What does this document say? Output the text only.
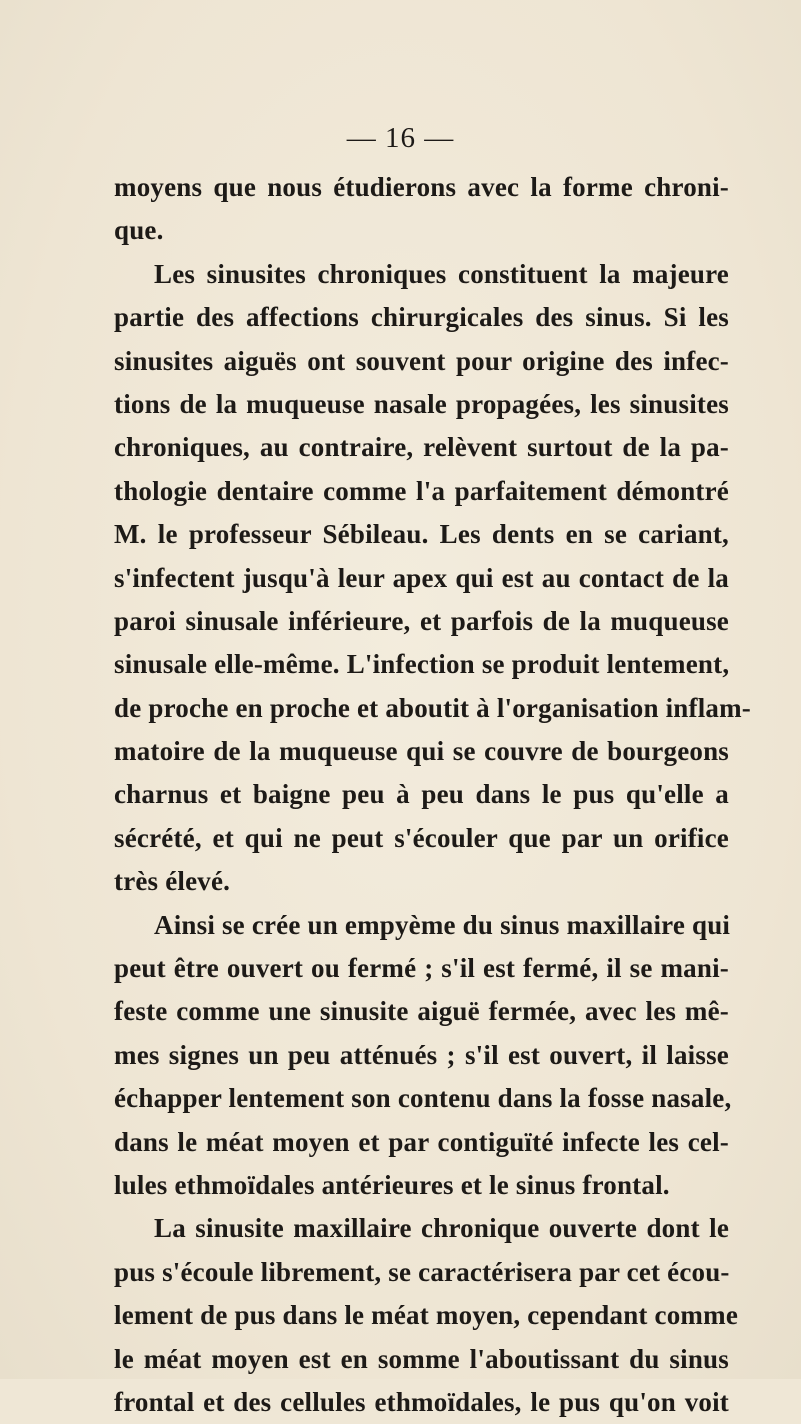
— 16 —
moyens que nous étudierons avec la forme chroni-
que.
Les sinusites chroniques constituent la majeure
partie des affections chirurgicales des sinus. Si les
sinusites aiguës ont souvent pour origine des infec-
tions de la muqueuse nasale propagées, les sinusites
chroniques, au contraire, relèvent surtout de la pa-
thologie dentaire comme l'a parfaitement démontré
M. le professeur Sébileau. Les dents en se cariant,
s'infectent jusqu'à leur apex qui est au contact de la
paroi sinusale inférieure, et parfois de la muqueuse
sinusale elle-même. L'infection se produit lentement,
de proche en proche et aboutit à l'organisation inflam-
matoire de la muqueuse qui se couvre de bourgeons
charnus et baigne peu à peu dans le pus qu'elle a
sécrété, et qui ne peut s'écouler que par un orifice
très élevé.
Ainsi se crée un empyème du sinus maxillaire qui
peut être ouvert ou fermé ; s'il est fermé, il se mani-
feste comme une sinusite aiguë fermée, avec les mê-
mes signes un peu atténués ; s'il est ouvert, il laisse
échapper lentement son contenu dans la fosse nasale,
dans le méat moyen et par contiguïté infecte les cel-
lules ethmoïdales antérieures et le sinus frontal.
La sinusite maxillaire chronique ouverte dont le
pus s'écoule librement, se caractérisera par cet écou-
lement de pus dans le méat moyen, cependant comme
le méat moyen est en somme l'aboutissant du sinus
frontal et des cellules ethmoïdales, le pus qu'on voit
